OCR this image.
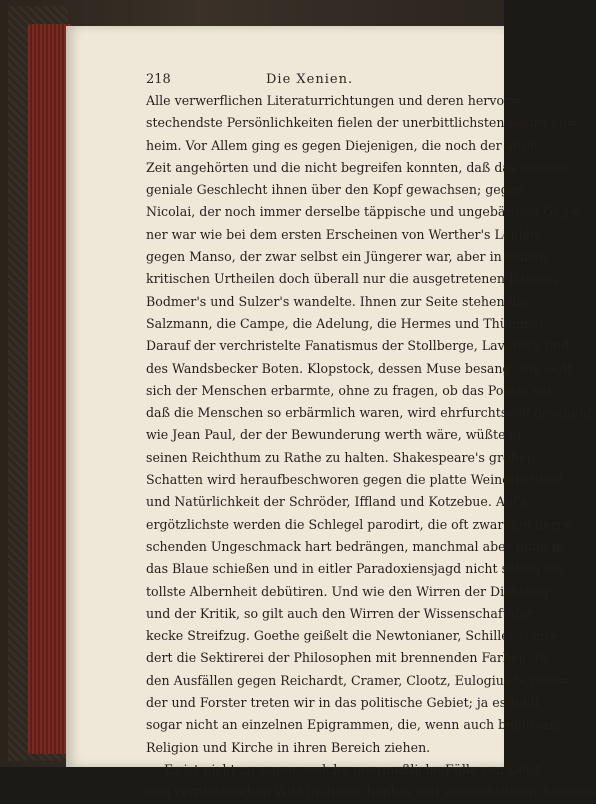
218	Die Xenien.
Alle verwerflichen Literaturrichtungen und deren hervor=
stechendste Persönlichkeiten fielen der unerbittlichsten Satire an=
heim. Vor Allem ging es gegen Diejenigen, die noch der alten
Zeit angehörten und die nicht begreifen konnten, daß das jüngere
geniale Geschlecht ihnen über den Kopf gewachsen; gegen
Nicolai, der noch immer derselbe täppische und ungebärdige Geg=
ner war wie bei dem ersten Erscheinen von Werther's Leiden;
gegen Manso, der zwar selbst ein Jüngerer war, aber in seinen
kritischen Urtheilen doch überall nur die ausgetretenen Bahnen
Bodmer's und Sulzer's wandelte. Ihnen zur Seite stehen die
Salzmann, die Campe, die Adelung, die Hermes und Thümmel.
Darauf der verchristelte Fanatismus der Stollberge, Lavater's und
des Wandsbecker Boten. Klopstock, dessen Muse besang, wie Gott
sich der Menschen erbarmte, ohne zu fragen, ob das Poesie sei,
daß die Menschen so erbärmlich waren, wird ehrfurchtsvoll geschont
wie Jean Paul, der der Bewunderung werth wäre, wüßte er
seinen Reichthum zu Rathe zu halten. Shakespeare's großer
Schatten wird heraufbeschworen gegen die platte Weinerlichkeit
und Natürlichkeit der Schröder, Iffland und Kotzebue. Auf's
ergötzlichste werden die Schlegel parodirt, die oft zwar den herr=
schenden Ungeschmack hart bedrängen, manchmal aber blind in
das Blaue schießen und in eitler Paradoxiensjagd nicht selten die
tollste Albernheit debütiren. Und wie den Wirren der Dichtung
und der Kritik, so gilt auch den Wirren der Wissenschaft der
kecke Streifzug. Goethe geißelt die Newtonianer, Schiller schil=
dert die Sektirerei der Philosophen mit brennenden Farben. In
den Ausfällen gegen Reichardt, Cramer, Clootz, Eulogius Schnei=
der und Forster treten wir in das politische Gebiet; ja es fehlt
sogar nicht an einzelnen Epigrammen, die, wenn auch behutsam,
Religion und Kirche in ihren Bereich ziehen.
Es ist nicht zu sagen, welche unermeßliche Fülle von Geist
und vernichtendem Witz in dieser bunten und vielgestaltigen Xenien=
